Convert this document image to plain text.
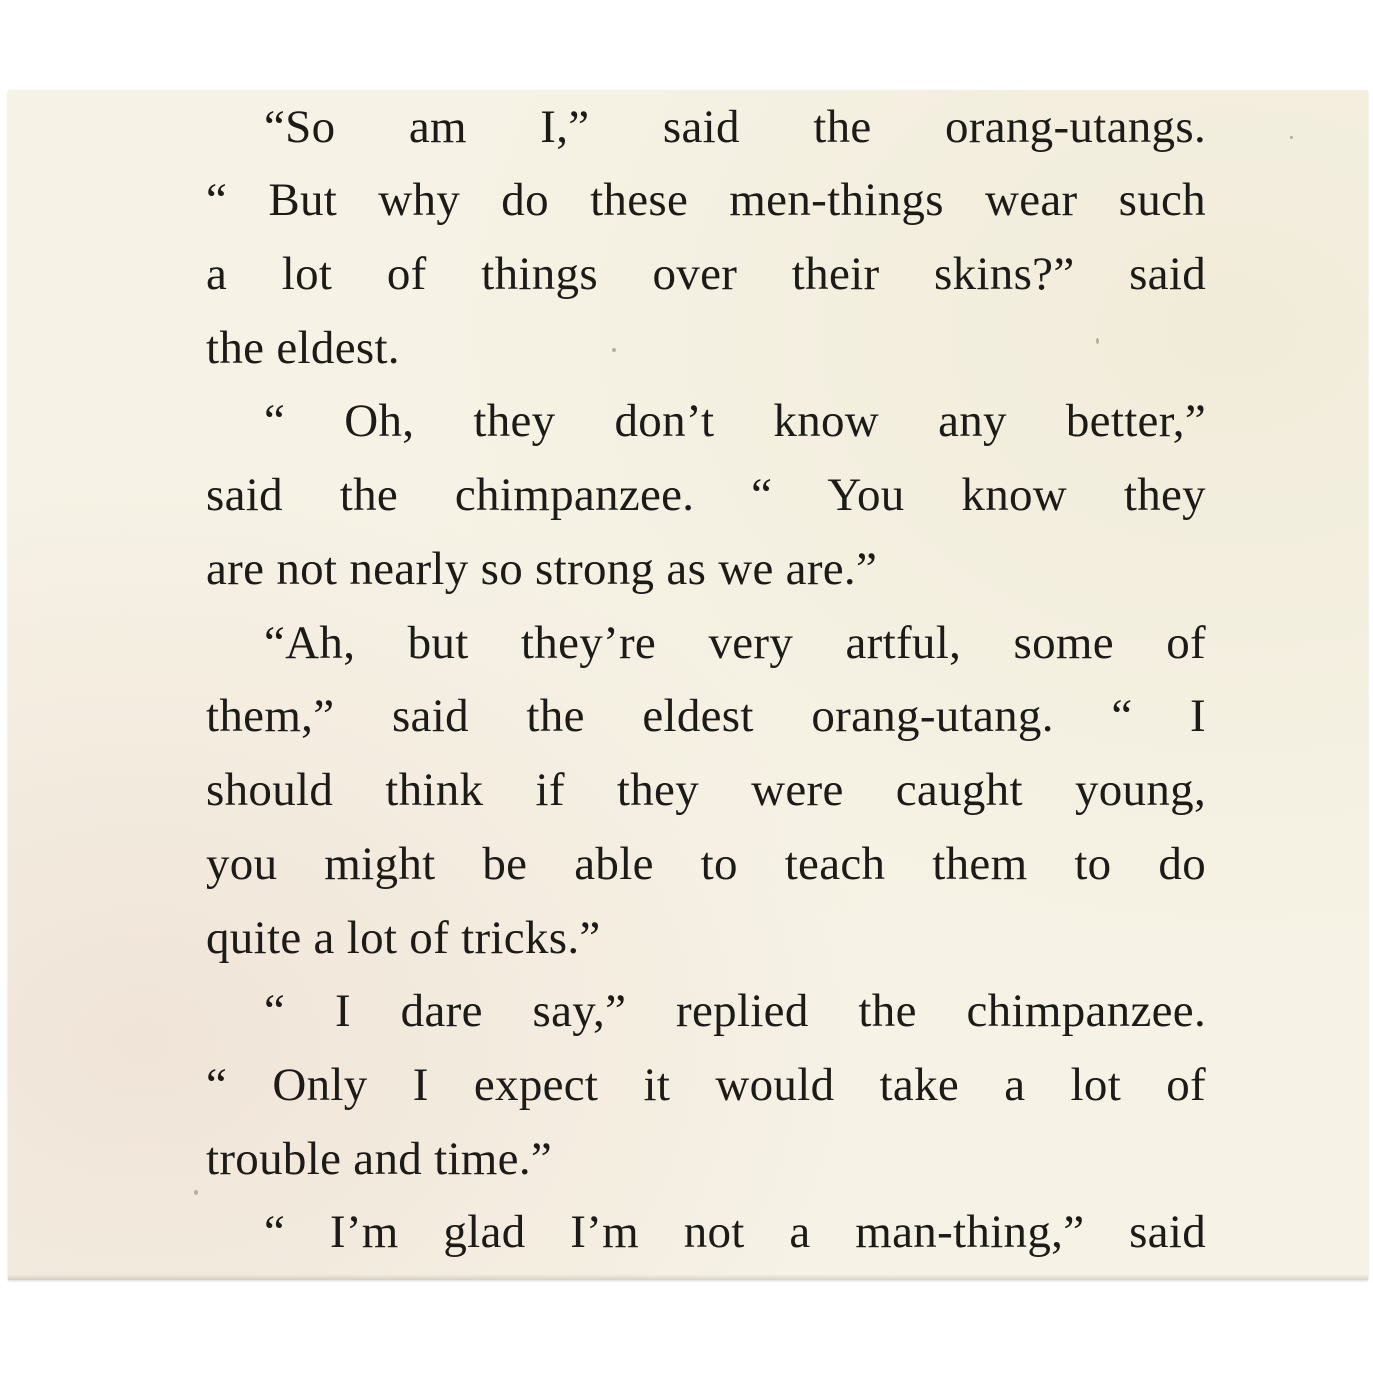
“So am I,” said the orang-utangs.
“ But why do these men-things wear such
a lot of things over their skins?” said
the eldest.
“ Oh, they don’t know any better,”
said the chimpanzee. “ You know they
are not nearly so strong as we are.”
“Ah, but they’re very artful, some of
them,” said the eldest orang-utang. “ I
should think if they were caught young,
you might be able to teach them to do
quite a lot of tricks.”
“ I dare say,” replied the chimpanzee.
“ Only I expect it would take a lot of
trouble and time.”
“ I’m glad I’m not a man-thing,” said
